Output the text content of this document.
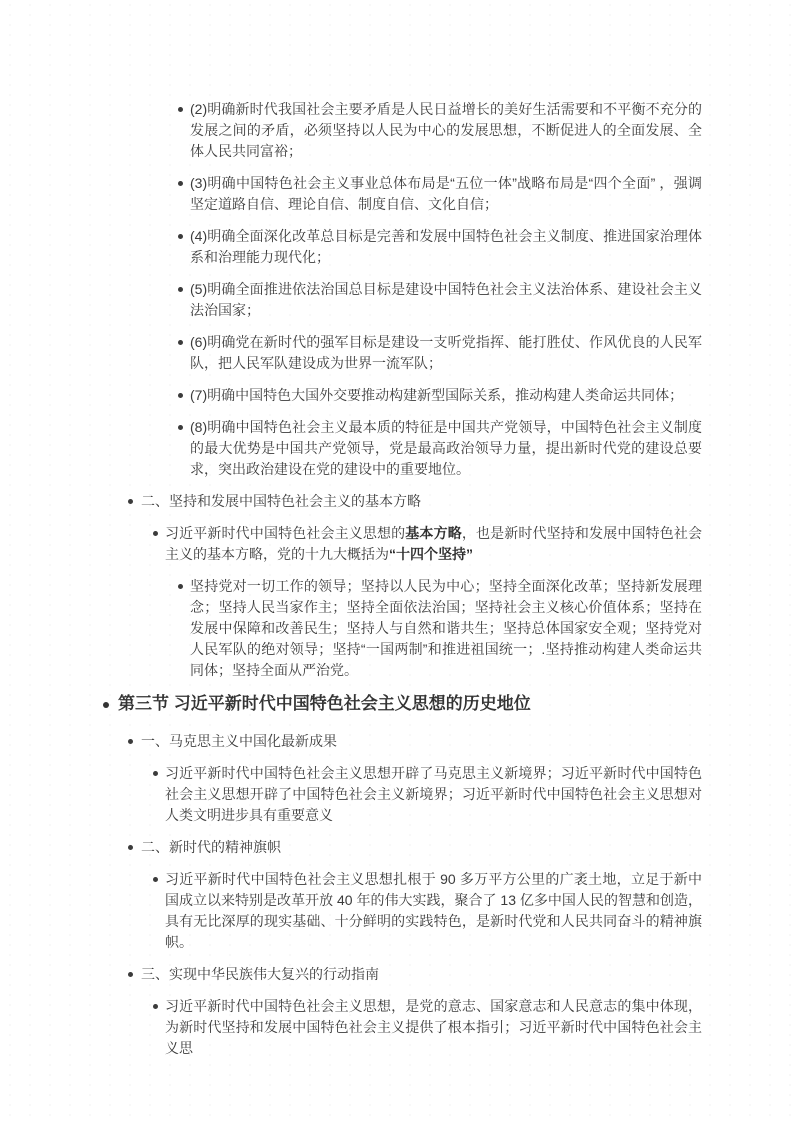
(2)明确新时代我国社会主要矛盾是人民日益增长的美好生活需要和不平衡不充分的发展之间的矛盾，必须坚持以人民为中心的发展思想，不断促进人的全面发展、全体人民共同富裕；

(3)明确中国特色社会主义事业总体布局是“五位一体”战略布局是“四个全面” ，强调坚定道路自信、理论自信、制度自信、文化自信；

(4)明确全面深化改革总目标是完善和发展中国特色社会主义制度、推进国家治理体系和治理能力现代化；

(5)明确全面推进依法治国总目标是建设中国特色社会主义法治体系、建设社会主义法治国家；

(6)明确党在新时代的强军目标是建设一支听党指挥、能打胜仗、作风优良的人民军队，把人民军队建设成为世界一流军队；

(7)明确中国特色大国外交要推动构建新型国际关系，推动构建人类命运共同体；

(8)明确中国特色社会主义最本质的特征是中国共产党领导，中国特色社会主义制度的最大优势是中国共产党领导，党是最高政治领导力量，提出新时代党的建设总要求，突出政治建设在党的建设中的重要地位。

二、坚持和发展中国特色社会主义的基本方略

习近平新时代中国特色社会主义思想的基本方略，也是新时代坚持和发展中国特色社会主义的基本方略，党的十九大概括为“十四个坚持”

坚持党对一切工作的领导；坚持以人民为中心；坚持全面深化改革；坚持新发展理念；坚持人民当家作主；坚持全面依法治国；坚持社会主义核心价值体系；坚持在发展中保障和改善民生；坚持人与自然和谐共生；坚持总体国家安全观；坚持党对人民军队的绝对领导；坚持“一国两制”和推进祖国统一；.坚持推动构建人类命运共同体；坚持全面从严治党。

第三节 习近平新时代中国特色社会主义思想的历史地位

一、马克思主义中国化最新成果

习近平新时代中国特色社会主义思想开辟了马克思主义新境界；习近平新时代中国特色社会主义思想开辟了中国特色社会主义新境界；习近平新时代中国特色社会主义思想对人类文明进步具有重要意义

二、新时代的精神旗帜

习近平新时代中国特色社会主义思想扎根于 90 多万平方公里的广袤土地，立足于新中国成立以来特别是改革开放 40 年的伟大实践，聚合了 13 亿多中国人民的智慧和创造，具有无比深厚的现实基础、十分鲜明的实践特色，是新时代党和人民共同奋斗的精神旗帜。

三、实现中华民族伟大复兴的行动指南

习近平新时代中国特色社会主义思想，是党的意志、国家意志和人民意志的集中体现，为新时代坚持和发展中国特色社会主义提供了根本指引；习近平新时代中国特色社会主义思
